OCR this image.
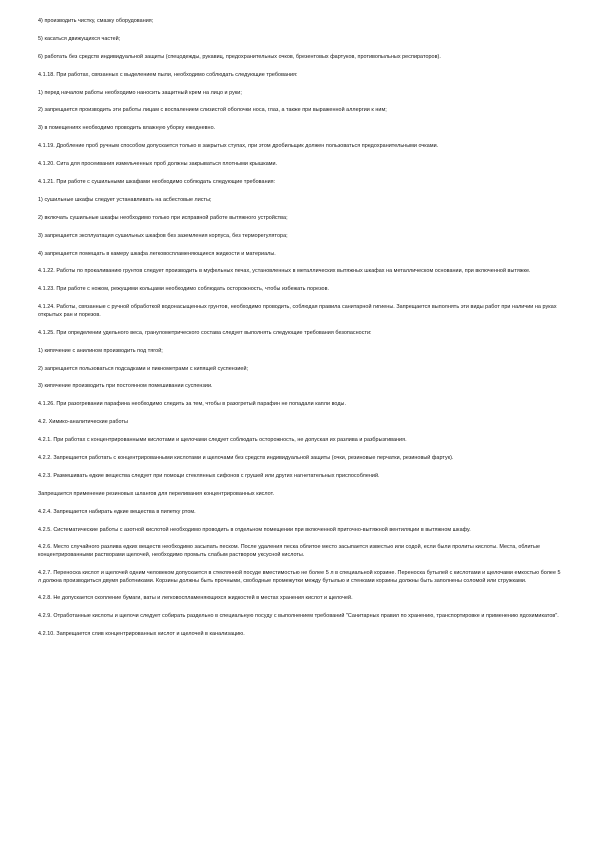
4) производить чистку, смазку оборудования;

5) касаться движущихся частей;

6) работать без средств индивидуальной защиты (спецодежды, рукавиц, предохранительных очков, брезентовых фартуков, противопыльных респираторов).

4.1.18. При работах, связанных с выделением пыли, необходимо соблюдать следующие требования:

1) перед началом работы необходимо наносить защитный крем на лицо и руки;

2) запрещается производить эти работы лицам с воспалением слизистой оболочки носа, глаз, а также при выраженной аллергии к ним;

3) в помещениях необходимо проводить влажную уборку ежедневно.

4.1.19. Дробление проб ручным способом допускается только в закрытых ступах, при этом дробильщик должен пользоваться предохранительными очками.

4.1.20. Сита для просеивания измельченных проб должны закрываться плотными крышками.

4.1.21. При работе с сушильными шкафами необходимо соблюдать следующие требования:

1) сушильные шкафы следует устанавливать на асбестовые листы;

2) включать сушильные шкафы необходимо только при исправной работе вытяжного устройства;

3) запрещается эксплуатация сушильных шкафов без заземления корпуса, без терморегулятора;

4) запрещается помещать в камеру шкафа легковоспламеняющиеся жидкости и материалы.

4.1.22. Работы по прокаливанию грунтов следует производить в муфельных печах, установленных в металлических вытяжных шкафах на металлическом основании, при включенной вытяжке.

4.1.23. При работе с ножом, режущими кольцами необходимо соблюдать осторожность, чтобы избежать порезов.

4.1.24. Работы, связанные с ручной обработкой водонасыщенных грунтов, необходимо проводить, соблюдая правила санитарной гигиены. Запрещается выполнять эти виды работ при наличии на руках открытых ран и порезов.

4.1.25. При определении удельного веса, гранулометрического состава следует выполнять следующие требования безопасности:

1) кипячение с анилином производить под тягой;

2) запрещается пользоваться подсадками и пикнометрами с кипящей суспензией;

3) кипячение производить при постоянном помешивании суспензии.

4.1.26. При разогревании парафина необходимо следить за тем, чтобы в разогретый парафин не попадали капли воды.

4.2. Химико-аналитические работы

4.2.1. При работах с концентрированными кислотами и щелочами следует соблюдать осторожность, не допуская их разлива и разбрызгивания.

4.2.2. Запрещается работать с концентрированными кислотами и щелочами без средств индивидуальной защиты (очки, резиновые перчатки, резиновый фартук).

4.2.3. Размешивать едкие вещества следует при помощи стеклянных сифонов с грушей или других нагнетательных приспособлений.

Запрещается применение резиновых шлангов для переливания концентрированных кислот.

4.2.4. Запрещается набирать едкие вещества в пипетку ртом.

4.2.5. Систематические работы с азотной кислотой необходимо проводить в отдельном помещении при включенной приточно-вытяжной вентиляции в вытяжном шкафу.

4.2.6. Место случайного разлива едких веществ необходимо засыпать песком. После удаления песка облитое место засыпается известью или содой, если были пролиты кислоты. Места, облитые концентрированными растворами щелочей, необходимо промыть слабым раствором уксусной кислоты.

4.2.7. Переноска кислот и щелочей одним человеком допускается в стеклянной посуде вместимостью не более 5 л в специальной корзине. Переноска бутылей с кислотами и щелочами емкостью более 5 л должна производиться двумя работниками. Корзины должны быть прочными, свободные промежутки между бутылью и стенками корзины должны быть заполнены соломой или стружками.

4.2.8. Не допускается скопление бумаги, ваты и легковоспламеняющихся жидкостей в местах хранения кислот и щелочей.

4.2.9. Отработанные кислоты и щелочи следует собирать раздельно в специальную посуду с выполнением требований "Санитарных правил по хранению, транспортировке и применению ядохимикатов".

4.2.10. Запрещается слив концентрированных кислот и щелочей в канализацию.
